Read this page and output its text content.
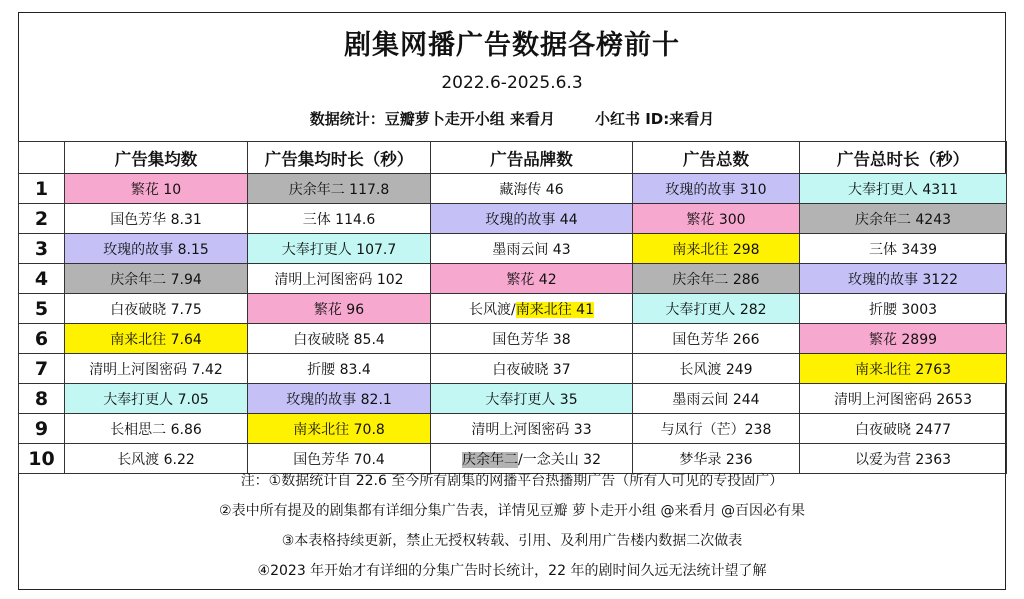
剧集网播广告数据各榜前十
2022.6-2025.6.3
数据统计：豆瓣萝卜走开小组 来看月	小红书 ID:来看月
	广告集均数	广告集均时长（秒）	广告品牌数	广告总数	广告总时长（秒）
1	繁花 10	庆余年二 117.8	藏海传 46	玫瑰的故事 310	大奉打更人 4311
2	国色芳华 8.31	三体 114.6	玫瑰的故事 44	繁花 300	庆余年二 4243
3	玫瑰的故事 8.15	大奉打更人 107.7	墨雨云间 43	南来北往 298	三体 3439
4	庆余年二 7.94	清明上河图密码 102	繁花 42	庆余年二 286	玫瑰的故事 3122
5	白夜破晓 7.75	繁花 96	长风渡/南来北往 41	大奉打更人 282	折腰 3003
6	南来北往 7.64	白夜破晓 85.4	国色芳华 38	国色芳华 266	繁花 2899
7	清明上河图密码 7.42	折腰 83.4	白夜破晓 37	长风渡 249	南来北往 2763
8	大奉打更人 7.05	玫瑰的故事 82.1	大奉打更人 35	墨雨云间 244	清明上河图密码 2653
9	长相思二 6.86	南来北往 70.8	清明上河图密码 33	与凤行（芒）238	白夜破晓 2477
10	长风渡 6.22	国色芳华 70.4	庆余年二/一念关山 32	梦华录 236	以爱为营 2363
注：①数据统计自 22.6 至今所有剧集的网播平台热播期广告（所有人可见的专投固广）
②表中所有提及的剧集都有详细分集广告表，详情见豆瓣 萝卜走开小组 @来看月 @百因必有果
③本表格持续更新，禁止无授权转载、引用、及利用广告楼内数据二次做表
④2023 年开始才有详细的分集广告时长统计，22 年的剧时间久远无法统计望了解
